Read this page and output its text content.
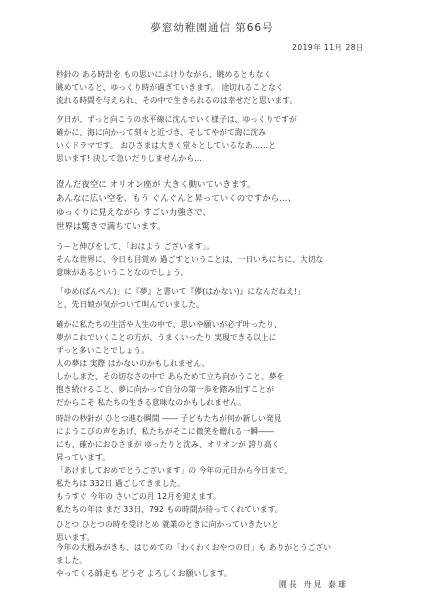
夢窓幼稚園通信 第66号
2019年 11月 28日
秒針の ある時計を もの思いにふけりながら、眺めるともなく
眺めていると、ゆっくり時が過ぎていきます。 途切れることなく
流れる時間を与えられ、その中で生きられるのは幸せだと思います。
夕日が、ずっと向こうの水平線に沈んでいく様子は、ゆっくりですが
確かに、海に向かって刻々と近づき、そしてやがて海に沈み
いくドラマです。 おひさまは大きく堂々としているなあ……と
思います! 決して急いだりしませんから…
澄んだ夜空に オリオン座が 大きく動いていきます。
あんなに広い空を、もう ぐんぐんと昇っていくのですから…、
ゆっくりに見えながら すごい力強さで、
世界は驚きで満ちています。
うーと伸びをして、「おはよう ございます」。
そんな世界に、今日も目覚め 過ごすということは、一日いちにちに、大切な
意味があるということなのでしょう。
「ゆめ(ばんぺん)」に『夢』と書いて『儚(はかない)』になんだねえ!」
と、先日娘が気がついて叫んでいました。
確かに私たちの生活や人生の中で、思いや願いが必ず叶ったり、
夢がこれでいくことの方が、うまくいったり 実現できる以上に
ずっと多いことでしょう。
人の夢は 実際 はかないのかもしれません。
しかしまた、その切なさの中で あらためて立ち向かうこと、夢を
抱き続けること、夢に向かって自分の第一歩を踏み出すことが
だからこそ 私たちの生きる意味なのかもしれません。
時計の秒針が ひとつ進む瞬間 ―― 子どもたちが何か新しい発見
にようこびの声をあげ、私たちがそこに微笑を贈れる一瞬――
にも、確かにおひさまが ゆったりと沈み、オリオンが 誇り高く
昇っています。
「あけましておめでとうございます」の 今年の元日から今日まで、
私たちは 332日 過ごしてきました。
もうすぐ 今年の さいごの月 12月を迎えます。
私たちの年は まだ 33日、792 もの時間が待ってくれています。
ひとつ ひとつの時を受けとめ 就業のときに向かっていきたいと
思います。
今年の大根みがきも、はじめての「わくわくおやつの日」も ありがとうござい
ました。
やってくる師走も どうぞ よろしくお願いします。
園長 舟見 泰雄
